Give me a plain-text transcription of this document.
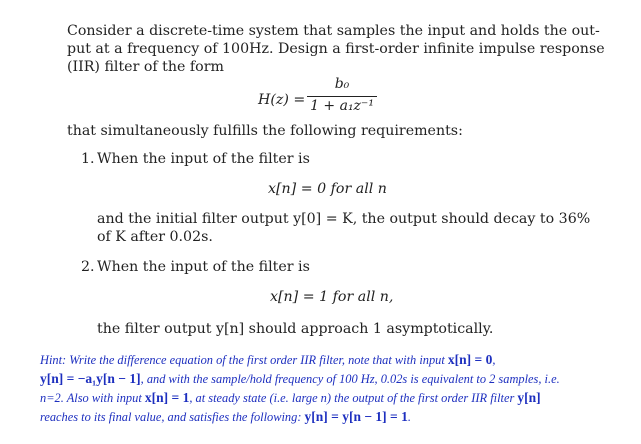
Consider a discrete-time system that samples the input and holds the out-
put at a frequency of 100Hz. Design a first-order infinite impulse response
(IIR) filter of the form
H(z) =
b₀
1 + a₁z⁻¹
that simultaneously fulfills the following requirements:
1. When the input of the filter is
x[n] = 0 for all n
and the initial filter output y[0] = K, the output should decay to 36%
of K after 0.02s.
2. When the input of the filter is
x[n] = 1 for all n,
the filter output y[n] should approach 1 asymptotically.
Hint: Write the difference equation of the first order IIR filter, note that with input x[n] = 0,
y[n] = −a₁y[n − 1], and with the sample/hold frequency of 100 Hz, 0.02s is equivalent to 2 samples, i.e.
n=2. Also with input x[n] = 1, at steady state (i.e. large n) the output of the first order IIR filter y[n]
reaches to its final value, and satisfies the following: y[n] = y[n − 1] = 1.
